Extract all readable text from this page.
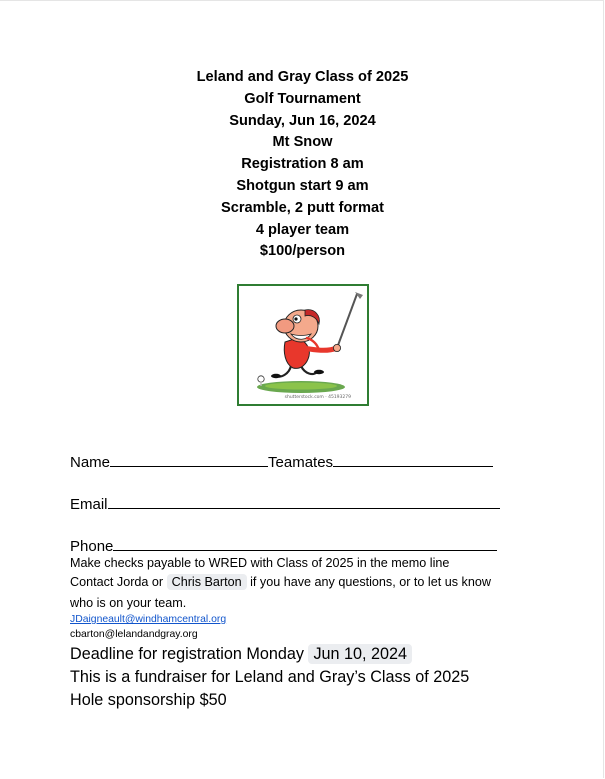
Leland and Gray Class of 2025
Golf Tournament
Sunday, Jun 16, 2024
Mt Snow
Registration 8 am
Shotgun start 9 am
Scramble, 2 putt format
4 player team
$100/person
shutterstock.com · 45193279
Name	Teamates
Email
Phone
Make checks payable to WRED with Class of 2025 in the memo line
Contact Jorda or Chris Barton if you have any questions, or to let us know
who is on your team.
JDaigneault@windhamcentral.org
cbarton@lelandandgray.org
Deadline for registration Monday Jun 10, 2024
This is a fundraiser for Leland and Gray’s Class of 2025
Hole sponsorship $50
